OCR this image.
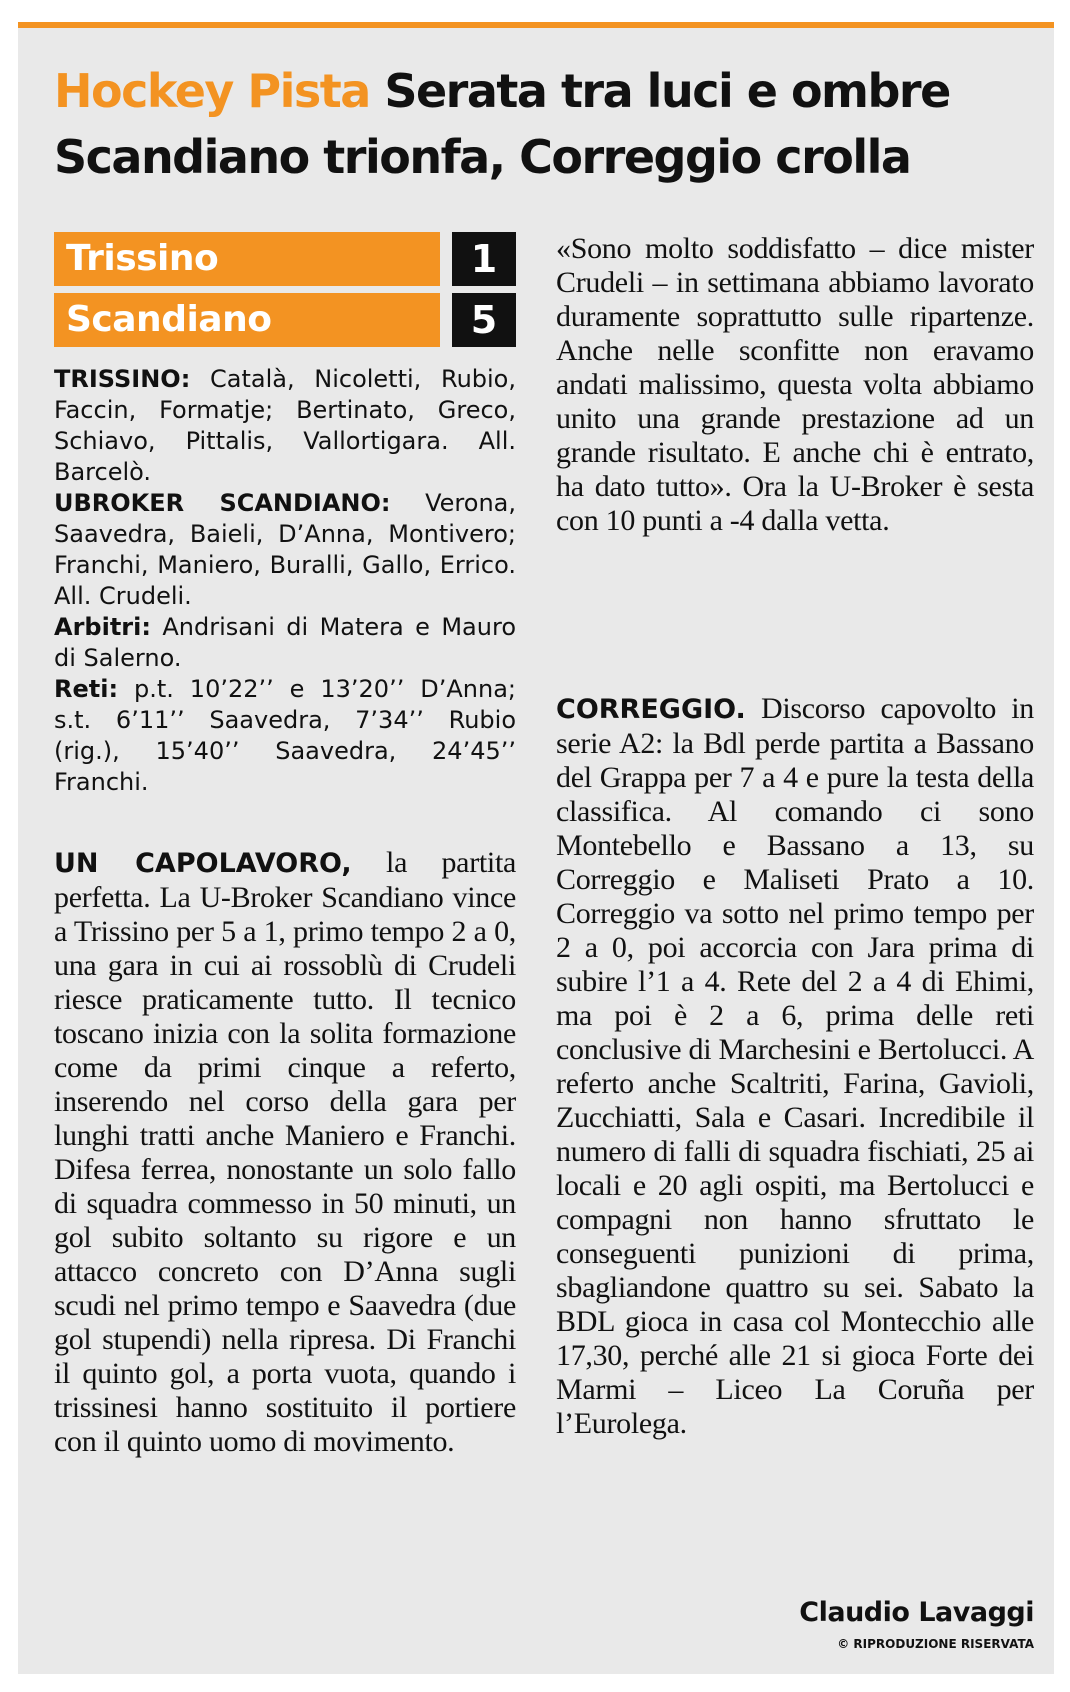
Hockey Pista Serata tra luci e ombre
Scandiano trionfa, Correggio crolla
Trissino	1
Scandiano	5

TRISSINO: Català, Nicoletti, Rubio, Faccin, Formatje; Bertinato, Greco, Schiavo, Pittalis, Vallortigara. All. Barcelò.

UBROKER SCANDIANO: Verona, Saavedra, Baieli, D’Anna, Montivero; Franchi, Maniero, Buralli, Gallo, Errico. All. Crudeli.

Arbitri: Andrisani di Matera e Mauro di Salerno.

Reti: p.t. 10’22’’ e 13’20’’ D’Anna; s.t. 6’11’’ Saavedra, 7’34’’ Rubio (rig.), 15’40’’ Saavedra, 24’45’’ Franchi.

UN CAPOLAVORO, la partita perfetta. La U-Broker Scandiano vince a Trissino per 5 a 1, primo tempo 2 a 0, una gara in cui ai rossoblù di Crudeli riesce praticamente tutto. Il tecnico toscano inizia con la solita formazione come da primi cinque a referto, inserendo nel corso della gara per lunghi tratti anche Maniero e Franchi. Difesa ferrea, nonostante un solo fallo di squadra commesso in 50 minuti, un gol subito soltanto su rigore e un attacco concreto con D’Anna sugli scudi nel primo tempo e Saavedra (due gol stupendi) nella ripresa. Di Franchi il quinto gol, a porta vuota, quando i trissinesi hanno sostituito il portiere con il quinto uomo di movimento.

«Sono molto soddisfatto – dice mister Crudeli – in settimana abbiamo lavorato duramente soprattutto sulle ripartenze. Anche nelle sconfitte non eravamo andati malissimo, questa volta abbiamo unito una grande prestazione ad un grande risultato. E anche chi è entrato, ha dato tutto». Ora la U-Broker è sesta con 10 punti a -4 dalla vetta.

CORREGGIO. Discorso capovolto in serie A2: la Bdl perde partita a Bassano del Grappa per 7 a 4 e pure la testa della classifica. Al comando ci sono Montebello e Bassano a 13, su Correggio e Maliseti Prato a 10. Correggio va sotto nel primo tempo per 2 a 0, poi accorcia con Jara prima di subire l’1 a 4. Rete del 2 a 4 di Ehimi, ma poi è 2 a 6, prima delle reti conclusive di Marchesini e Bertolucci. A referto anche Scaltriti, Farina, Gavioli, Zucchiatti, Sala e Casari. Incredibile il numero di falli di squadra fischiati, 25 ai locali e 20 agli ospiti, ma Bertolucci e compagni non hanno sfruttato le conseguenti punizioni di prima, sbagliandone quattro su sei. Sabato la BDL gioca in casa col Montecchio alle 17,30, perché alle 21 si gioca Forte dei Marmi – Liceo La Coruña per l’Eurolega.

Claudio Lavaggi
© RIPRODUZIONE RISERVATA
